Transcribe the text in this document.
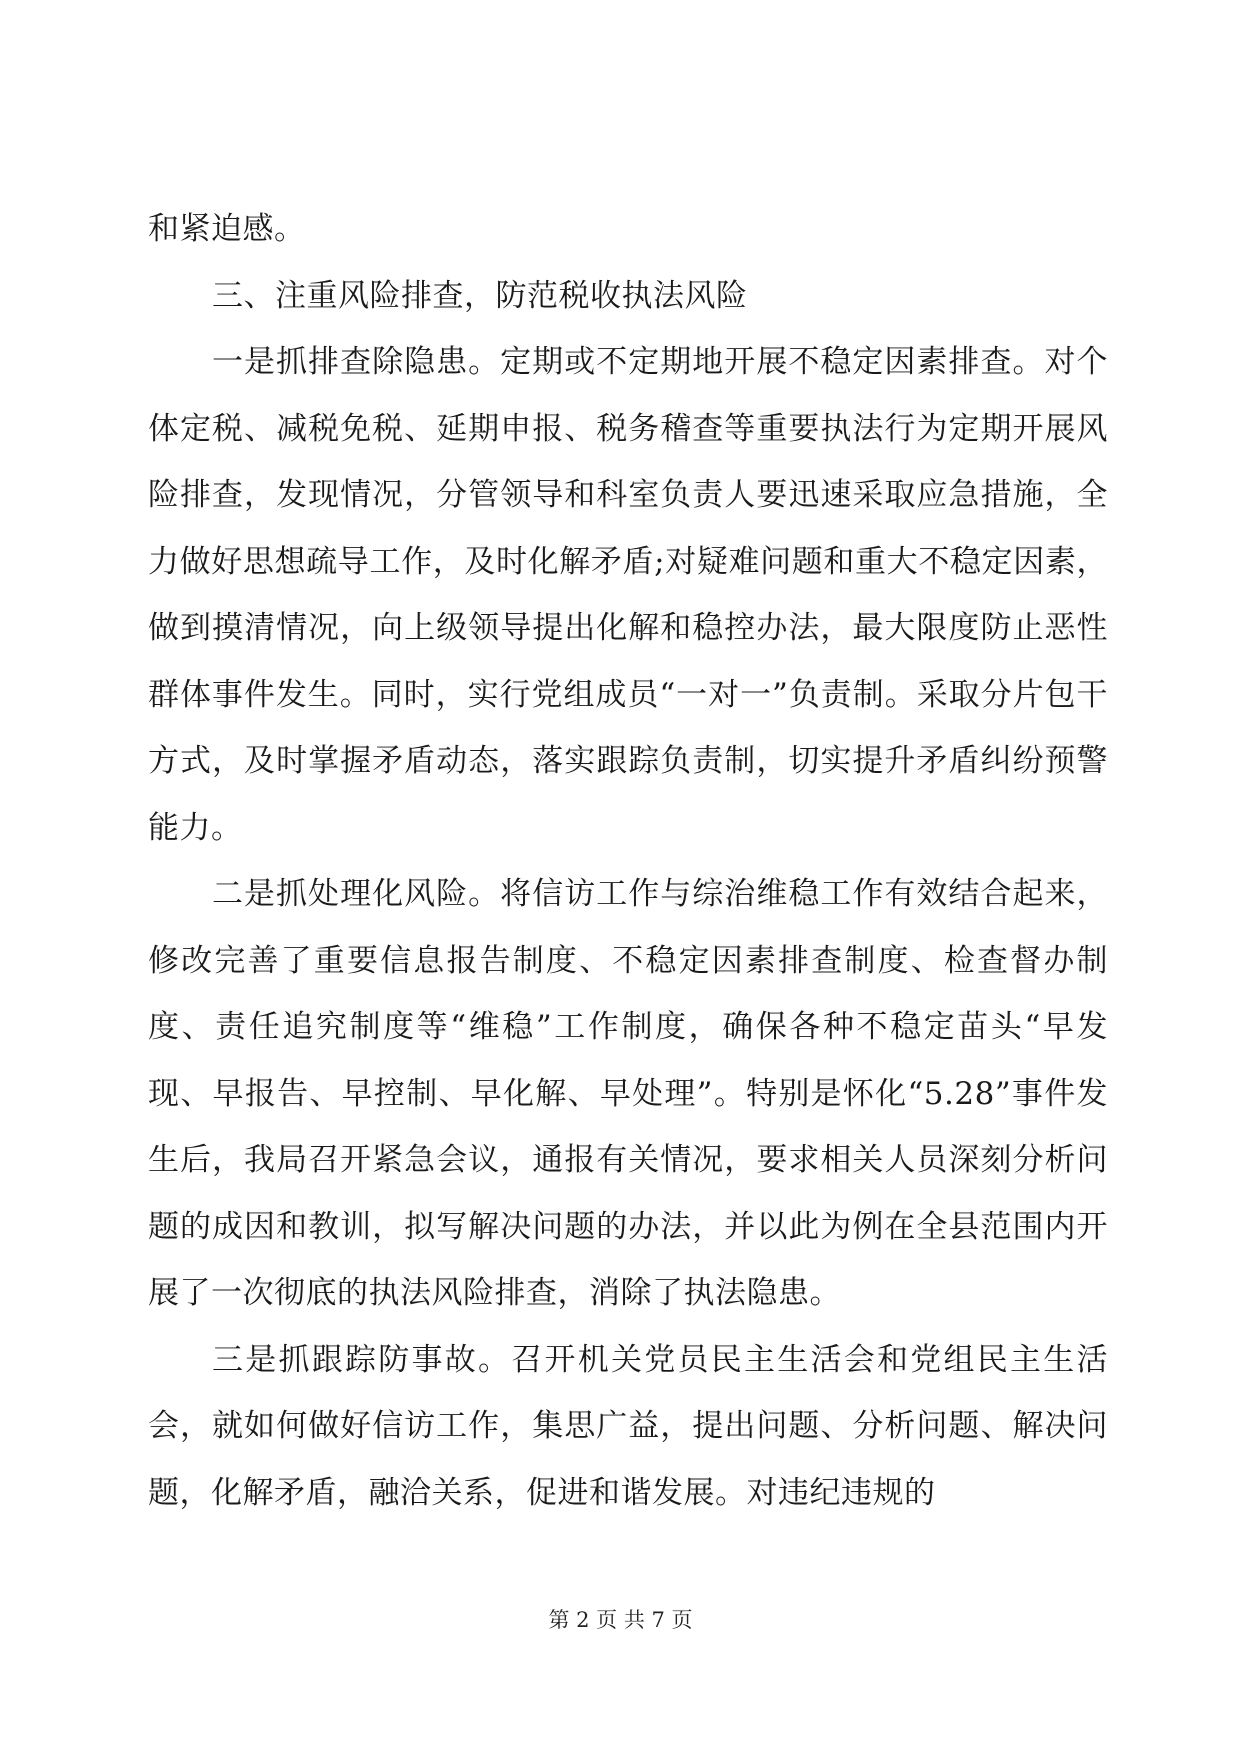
和紧迫感。

三、注重风险排查，防范税收执法风险

一是抓排查除隐患。定期或不定期地开展不稳定因素排查。对个体定税、减税免税、延期申报、税务稽查等重要执法行为定期开展风险排查，发现情况，分管领导和科室负责人要迅速采取应急措施，全力做好思想疏导工作，及时化解矛盾;对疑难问题和重大不稳定因素，做到摸清情况，向上级领导提出化解和稳控办法，最大限度防止恶性群体事件发生。同时，实行党组成员“一对一”负责制。采取分片包干方式，及时掌握矛盾动态，落实跟踪负责制，切实提升矛盾纠纷预警能力。

二是抓处理化风险。将信访工作与综治维稳工作有效结合起来，修改完善了重要信息报告制度、不稳定因素排查制度、检查督办制度、责任追究制度等“维稳”工作制度，确保各种不稳定苗头“早发现、早报告、早控制、早化解、早处理”。特别是怀化“5.28”事件发生后，我局召开紧急会议，通报有关情况，要求相关人员深刻分析问题的成因和教训，拟写解决问题的办法，并以此为例在全县范围内开展了一次彻底的执法风险排查，消除了执法隐患。

三是抓跟踪防事故。召开机关党员民主生活会和党组民主生活会，就如何做好信访工作，集思广益，提出问题、分析问题、解决问题，化解矛盾，融洽关系，促进和谐发展。对违纪违规的

第 2 页 共 7 页
